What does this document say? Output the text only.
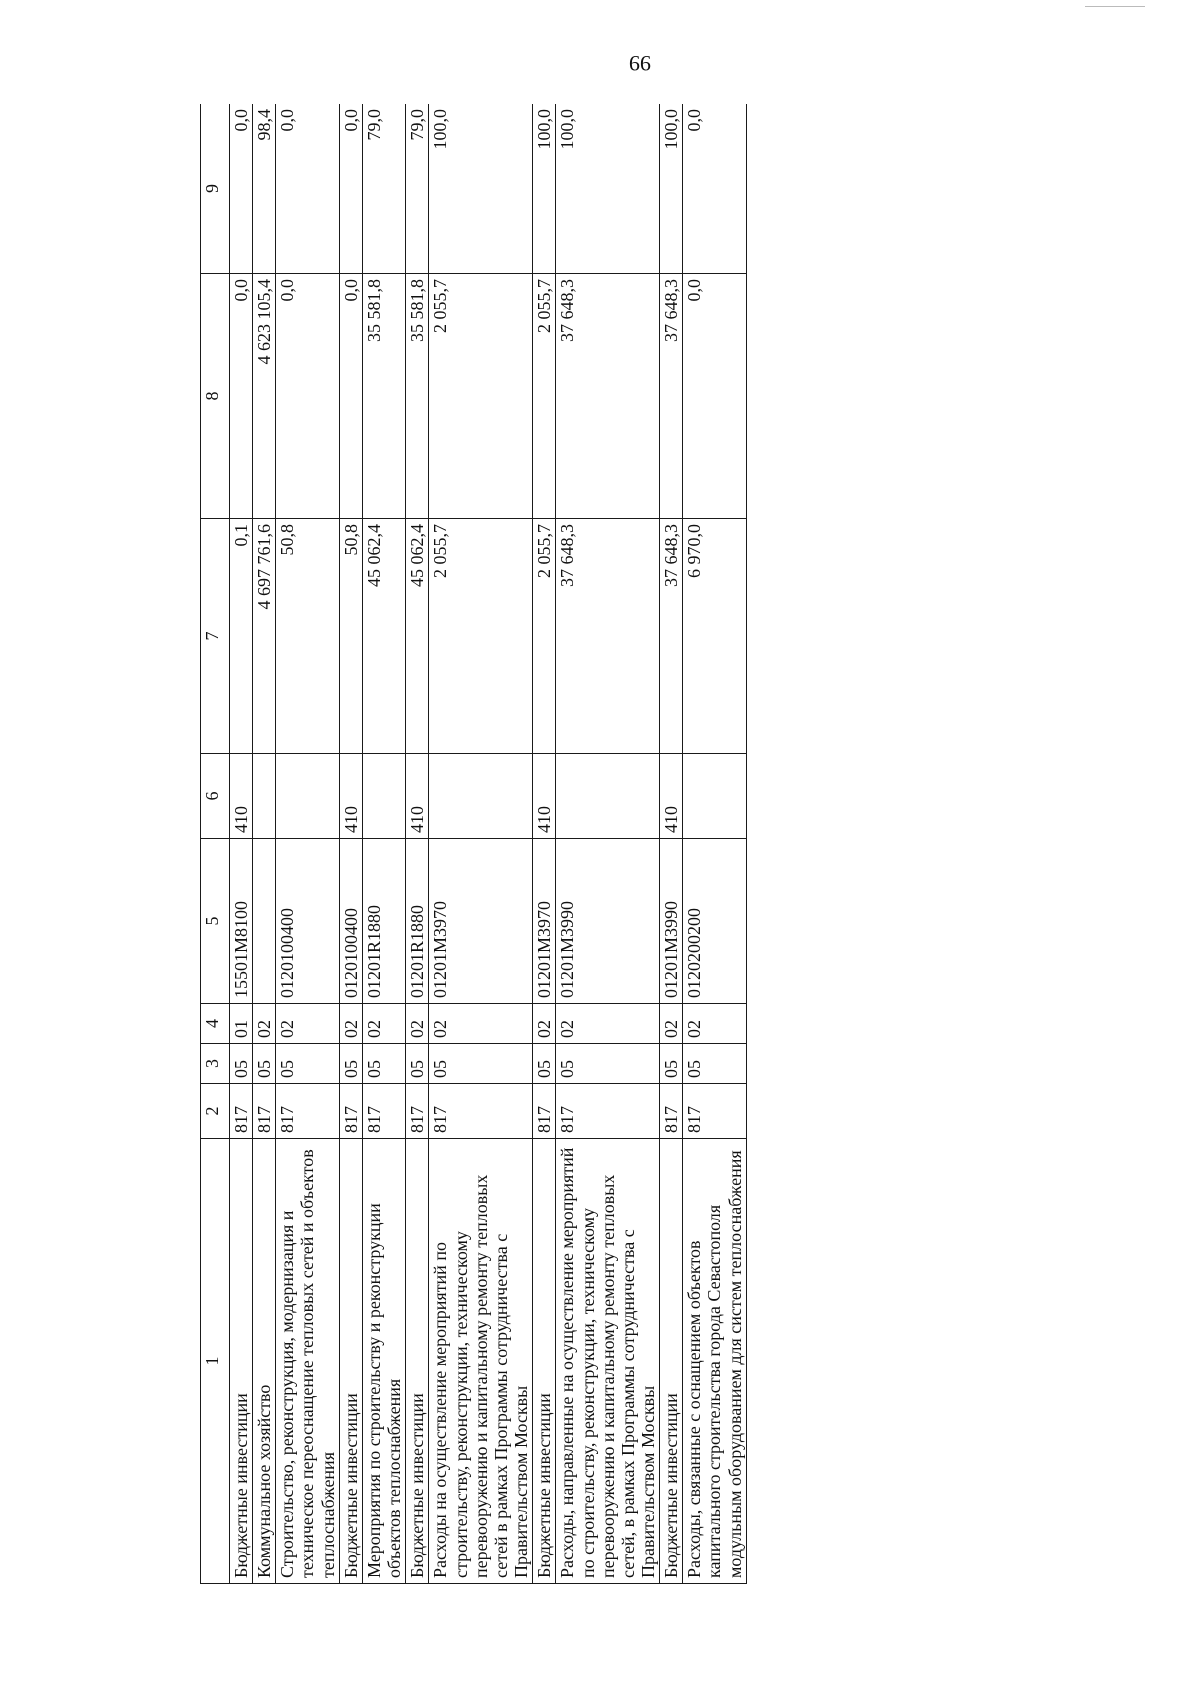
99
1	2	3	4	5	6	7	8	9
Бюджетные инвестиции	817	05	01	15501М8100	410	0,1	0,0	0,0
Коммунальное хозяйство	817	05	02			4 697 761,6	4 623 105,4	98,4
Строительство, реконструкция, модернизация и техническое переоснащение тепловых сетей и объектов теплоснабжения	817	05	02	0120100400		50,8	0,0	0,0
Бюджетные инвестиции	817	05	02	0120100400	410	50,8	0,0	0,0
Мероприятия по строительству и реконструкции объектов теплоснабжения	817	05	02	01201R1880		45 062,4	35 581,8	79,0
Бюджетные инвестиции	817	05	02	01201R1880	410	45 062,4	35 581,8	79,0
Расходы на осуществление мероприятий по строительству, реконструкции, техническому перевооружению и капитальному ремонту тепловых сетей в рамках Программы сотрудничества с Правительством Москвы	817	05	02	01201М3970		2 055,7	2 055,7	100,0
Бюджетные инвестиции	817	05	02	01201М3970	410	2 055,7	2 055,7	100,0
Расходы, направленные на осуществление мероприятий по строительству, реконструкции, техническому перевооружению и капитальному ремонту тепловых сетей, в рамках Программы сотрудничества с Правительством Москвы	817	05	02	01201М3990		37 648,3	37 648,3	100,0
Бюджетные инвестиции	817	05	02	01201М3990	410	37 648,3	37 648,3	100,0
Расходы, связанные с оснащением объектов капитального строительства города Севастополя модульным оборудованием для систем теплоснабжения	817	05	02	0120200200		6 970,0	0,0	0,0
